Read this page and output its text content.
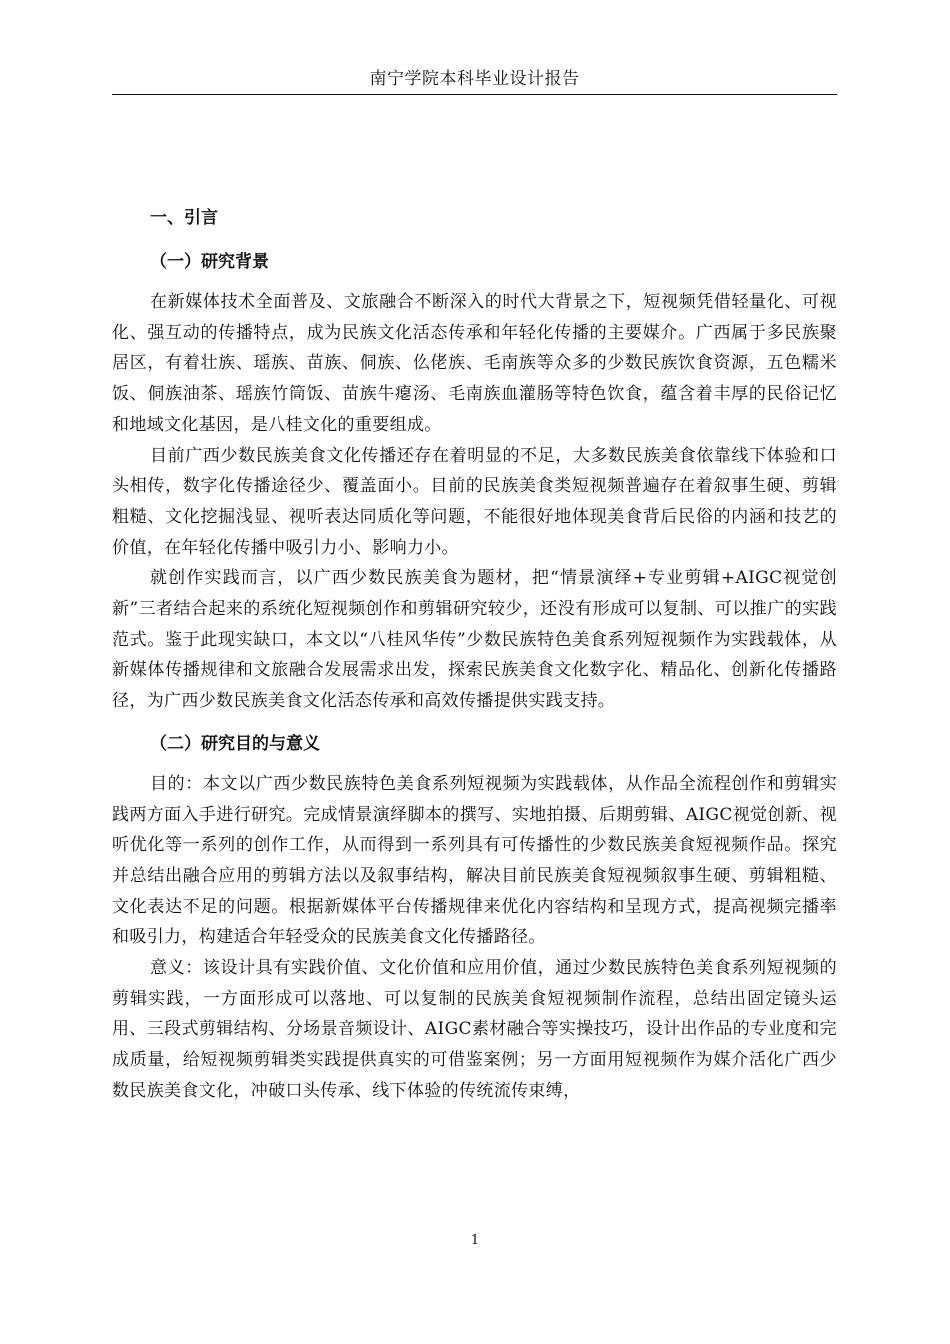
南宁学院本科毕业设计报告
一、引言
（一）研究背景

在新媒体技术全面普及、文旅融合不断深入的时代大背景之下，短视频凭借轻量化、可视化、强互动的传播特点，成为民族文化活态传承和年轻化传播的主要媒介。广西属于多民族聚居区，有着壮族、瑶族、苗族、侗族、仫佬族、毛南族等众多的少数民族饮食资源，五色糯米饭、侗族油茶、瑶族竹筒饭、苗族牛瘪汤、毛南族血灌肠等特色饮食，蕴含着丰厚的民俗记忆和地域文化基因，是八桂文化的重要组成。

目前广西少数民族美食文化传播还存在着明显的不足，大多数民族美食依靠线下体验和口头相传，数字化传播途径少、覆盖面小。目前的民族美食类短视频普遍存在着叙事生硬、剪辑粗糙、文化挖掘浅显、视听表达同质化等问题，不能很好地体现美食背后民俗的内涵和技艺的价值，在年轻化传播中吸引力小、影响力小。

就创作实践而言，以广西少数民族美食为题材，把“情景演绎+专业剪辑+AIGC视觉创新”三者结合起来的系统化短视频创作和剪辑研究较少，还没有形成可以复制、可以推广的实践范式。鉴于此现实缺口，本文以“八桂风华传”少数民族特色美食系列短视频作为实践载体，从新媒体传播规律和文旅融合发展需求出发，探索民族美食文化数字化、精品化、创新化传播路径，为广西少数民族美食文化活态传承和高效传播提供实践支持。

（二）研究目的与意义

目的：本文以广西少数民族特色美食系列短视频为实践载体，从作品全流程创作和剪辑实践两方面入手进行研究。完成情景演绎脚本的撰写、实地拍摄、后期剪辑、AIGC视觉创新、视听优化等一系列的创作工作，从而得到一系列具有可传播性的少数民族美食短视频作品。探究并总结出融合应用的剪辑方法以及叙事结构，解决目前民族美食短视频叙事生硬、剪辑粗糙、文化表达不足的问题。根据新媒体平台传播规律来优化内容结构和呈现方式，提高视频完播率和吸引力，构建适合年轻受众的民族美食文化传播路径。

意义：该设计具有实践价值、文化价值和应用价值，通过少数民族特色美食系列短视频的剪辑实践，一方面形成可以落地、可以复制的民族美食短视频制作流程，总结出固定镜头运用、三段式剪辑结构、分场景音频设计、AIGC素材融合等实操技巧，设计出作品的专业度和完成质量，给短视频剪辑类实践提供真实的可借鉴案例；另一方面用短视频作为媒介活化广西少数民族美食文化，冲破口头传承、线下体验的传统流传束缚，

1
